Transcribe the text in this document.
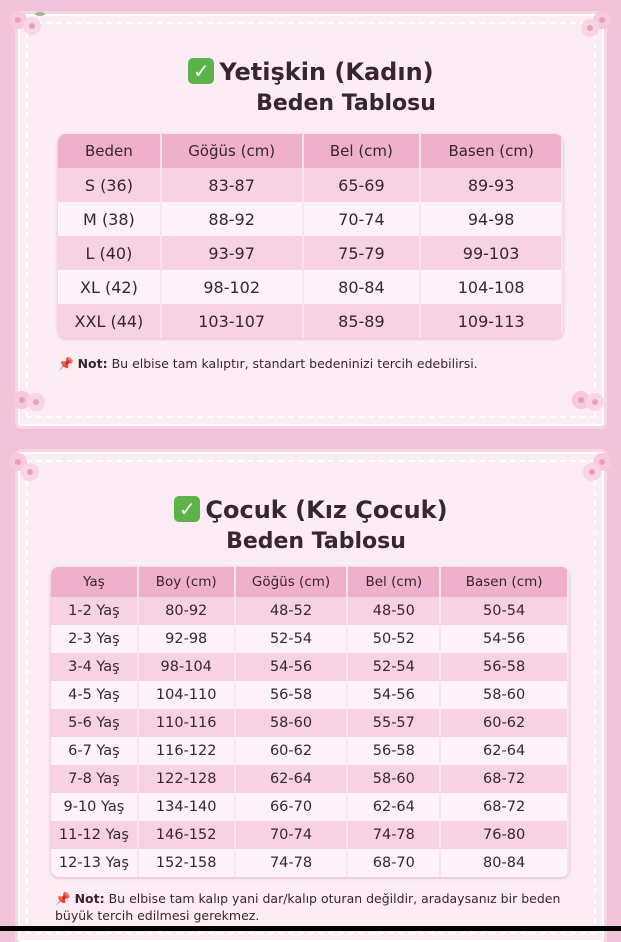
✓ Yetişkin (Kadın)
Beden Tablosu
Beden	Göğüs (cm)	Bel (cm)	Basen (cm)
S (36)	83-87	65-69	89-93
M (38)	88-92	70-74	94-98
L (40)	93-97	75-79	99-103
XL (42)	98-102	80-84	104-108
XXL (44)	103-107	85-89	109-113
📌 Not: Bu elbise tam kalıptır, standart bedeninizi tercih edebilirsi.
✓ Çocuk (Kız Çocuk)
Beden Tablosu
Yaş	Boy (cm)	Göğüs (cm)	Bel (cm)	Basen (cm)
1-2 Yaş	80-92	48-52	48-50	50-54
2-3 Yaş	92-98	52-54	50-52	54-56
3-4 Yaş	98-104	54-56	52-54	56-58
4-5 Yaş	104-110	56-58	54-56	58-60
5-6 Yaş	110-116	58-60	55-57	60-62
6-7 Yaş	116-122	60-62	56-58	62-64
7-8 Yaş	122-128	62-64	58-60	68-72
9-10 Yaş	134-140	66-70	62-64	68-72
11-12 Yaş	146-152	70-74	74-78	76-80
12-13 Yaş	152-158	74-78	68-70	80-84
📌 Not: Bu elbise tam kalıp yani dar/kalıp oturan değildir, aradaysanız bir beden büyük tercih edilmesi gerekmez.
